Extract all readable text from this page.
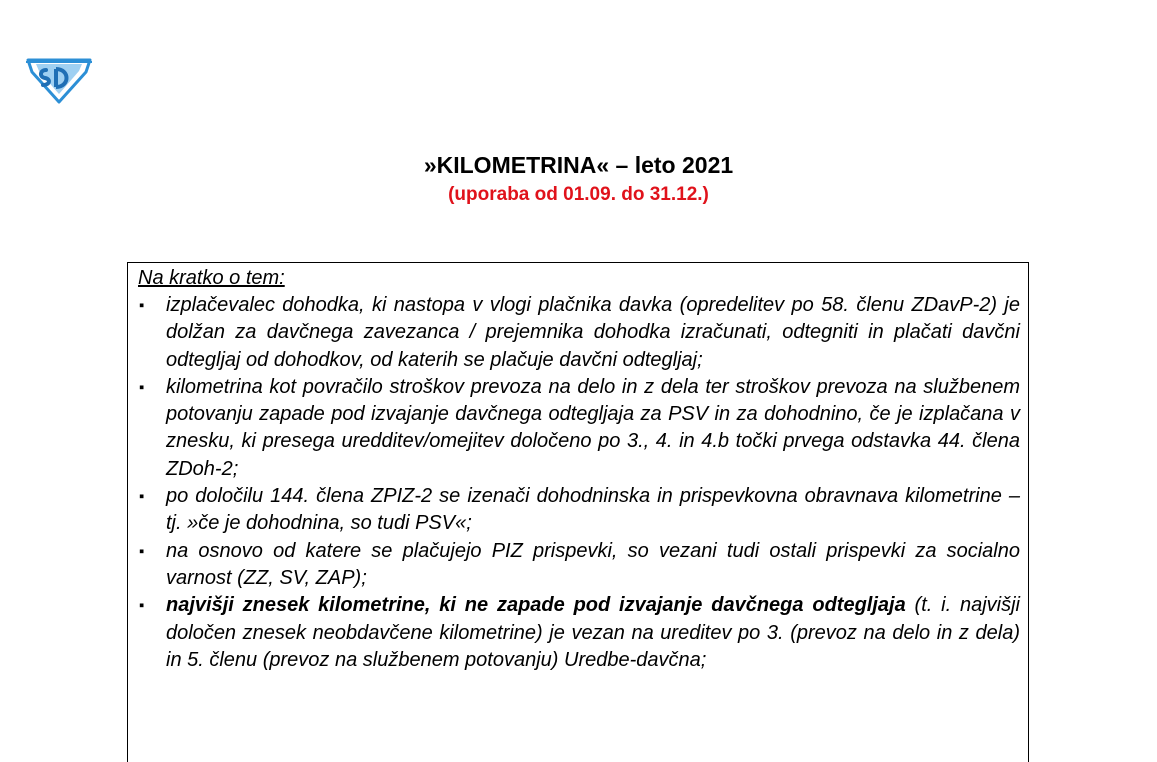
»KILOMETRINA« – leto 2021
(uporaba od 01.09. do 31.12.)
Na kratko o tem:
▪ izplačevalec dohodka, ki nastopa v vlogi plačnika davka (opredelitev po 58. členu ZDavP-2) je dolžan za davčnega zavezanca / prejemnika dohodka izračunati, odtegniti in plačati davčni odtegljaj od dohodkov, od katerih se plačuje davčni odtegljaj;
▪ kilometrina kot povračilo stroškov prevoza na delo in z dela ter stroškov prevoza na službenem potovanju zapade pod izvajanje davčnega odtegljaja za PSV in za dohodnino, če je izplačana v znesku, ki presega uredditev/omejitev določeno po 3., 4. in 4.b točki prvega odstavka 44. člena ZDoh-2;
▪ po določilu 144. člena ZPIZ-2 se izenači dohodninska in prispevkovna obravnava kilometrine – tj. »če je dohodnina, so tudi PSV«;
▪ na osnovo od katere se plačujejo PIZ prispevki, so vezani tudi ostali prispevki za socialno varnost (ZZ, SV, ZAP);
▪ najvišji znesek kilometrine, ki ne zapade pod izvajanje davčnega odtegljaja (t. i. najvišji določen znesek neobdavčene kilometrine) je vezan na ureditev po 3. (prevoz na delo in z dela) in 5. členu (prevoz na službenem potovanju) Uredbe-davčna;
